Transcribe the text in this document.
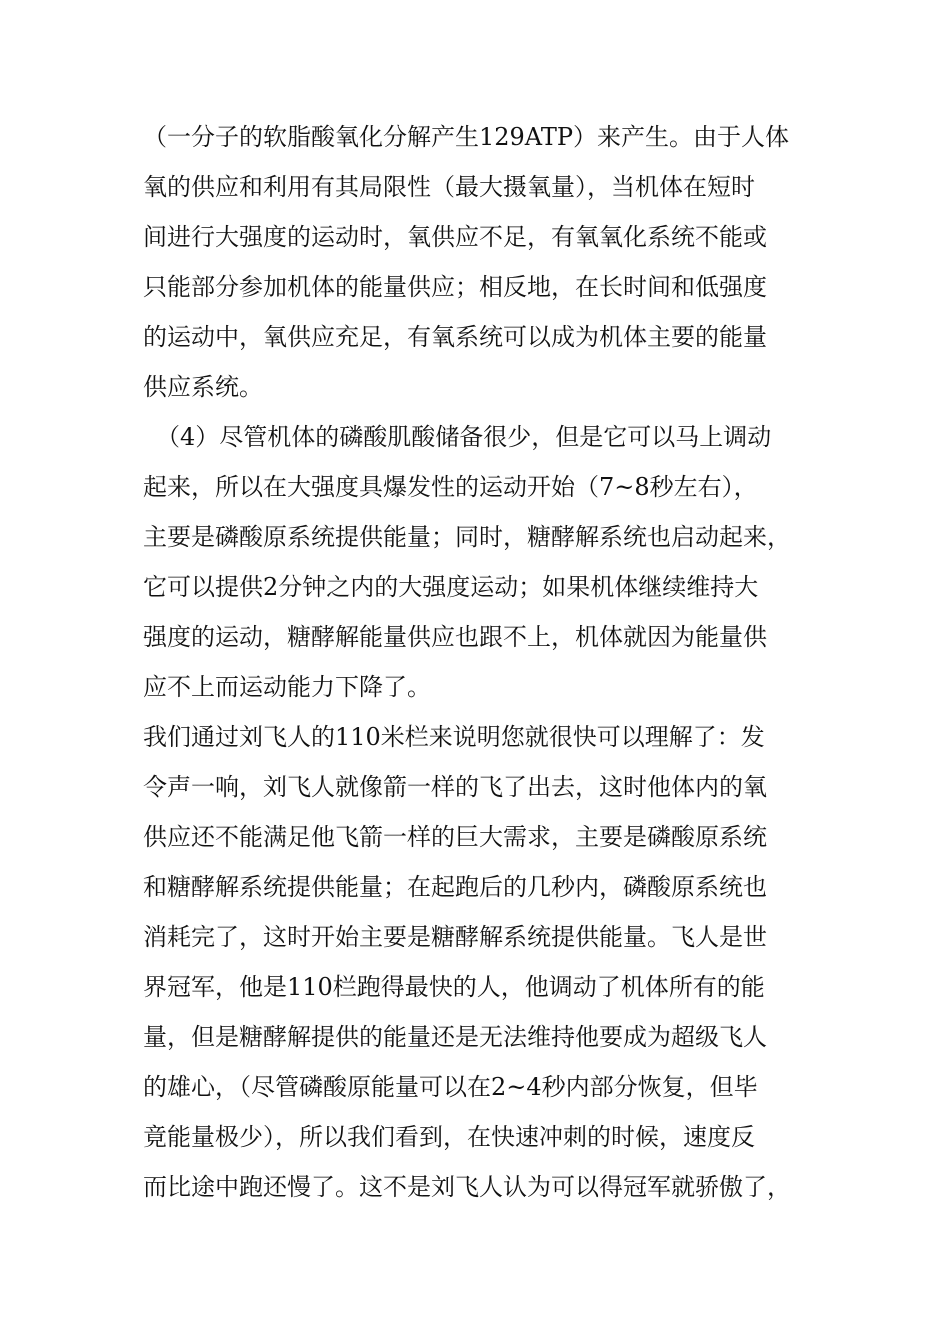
（一分子的软脂酸氧化分解产生129ATP）来产生。由于人体
氧的供应和利用有其局限性（最大摄氧量），当机体在短时
间进行大强度的运动时，氧供应不足，有氧氧化系统不能或
只能部分参加机体的能量供应；相反地，在长时间和低强度
的运动中，氧供应充足，有氧系统可以成为机体主要的能量
供应系统。
（4）尽管机体的磷酸肌酸储备很少，但是它可以马上调动
起来，所以在大强度具爆发性的运动开始（7~8秒左右），
主要是磷酸原系统提供能量；同时，糖酵解系统也启动起来，
它可以提供2分钟之内的大强度运动；如果机体继续维持大
强度的运动，糖酵解能量供应也跟不上，机体就因为能量供
应不上而运动能力下降了。
我们通过刘飞人的110米栏来说明您就很快可以理解了：发
令声一响，刘飞人就像箭一样的飞了出去，这时他体内的氧
供应还不能满足他飞箭一样的巨大需求，主要是磷酸原系统
和糖酵解系统提供能量；在起跑后的几秒内，磷酸原系统也
消耗完了，这时开始主要是糖酵解系统提供能量。飞人是世
界冠军，他是110栏跑得最快的人，他调动了机体所有的能
量，但是糖酵解提供的能量还是无法维持他要成为超级飞人
的雄心，（尽管磷酸原能量可以在2~4秒内部分恢复，但毕
竟能量极少），所以我们看到，在快速冲刺的时候，速度反
而比途中跑还慢了。这不是刘飞人认为可以得冠军就骄傲了，
